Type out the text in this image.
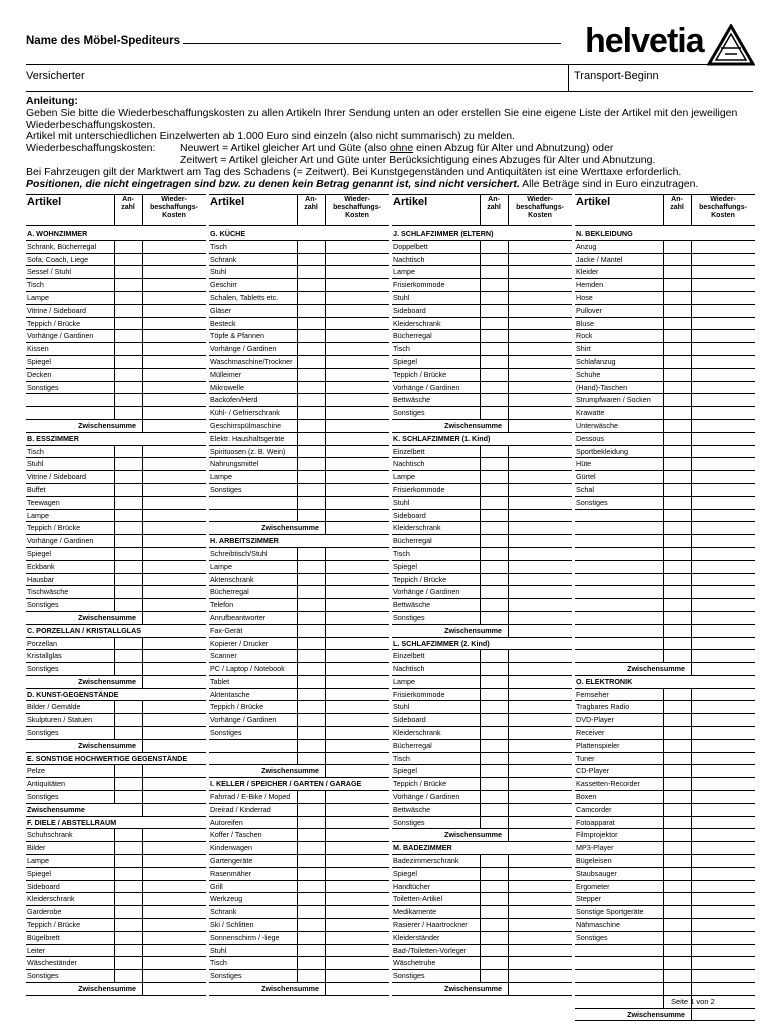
Name des Möbel-Spediteurs	helvetia
Versicherter	Transport-Beginn

Anleitung:

Geben Sie bitte die Wiederbeschaffungskosten zu allen Artikeln Ihrer Sendung unten an oder erstellen Sie eine eigene Liste der Artikel mit den jeweiligen Wiederbeschaffungskosten.

Artikel mit unterschiedlichen Einzelwerten ab 1.000 Euro sind einzeln (also nicht summarisch) zu melden.

Wiederbeschaffungskosten:	Neuwert = Artikel gleicher Art und Güte (also ohne einen Abzug für Alter und Abnutzung) oder
Zeitwert = Artikel gleicher Art und Güte unter Berücksichtigung eines Abzuges für Alter und Abnutzung.

Bei Fahrzeugen gilt der Marktwert am Tag des Schadens (= Zeitwert). Bei Kunstgegenständen und Antiquitäten ist eine Werttaxe erforderlich.

Positionen, die nicht eingetragen sind bzw. zu denen kein Betrag genannt ist, sind nicht versichert. Alle Beträge sind in Euro einzutragen.

Artikel	An-
zahl
Wieder-
beschaffungs-
Kosten
A. WOHNZIMMER
Schrank, Bücherregal
Sofa, Coach, Liege
Sessel / Stuhl
Tisch
Lampe
Vitrine / Sideboard
Teppich / Brücke
Vorhänge / Gardinen
Kissen
Spiegel
Decken
Sonstiges
Zwischensumme
B. ESSZIMMER
Tisch
Stuhl
Vitrine / Sideboard
Buffet
Teewagen
Lampe
Teppich / Brücke
Vorhänge / Gardinen
Spiegel
Eckbank
Hausbar
Tischwäsche
Sonstiges
Zwischensumme
C. PORZELLAN / KRISTALLGLAS
Porzellan
Kristallglas
Sonstiges
Zwischensumme
D. KUNST-GEGENSTÄNDE
Bilder / Gemälde
Skulpturen / Statuen
Sonstiges
Zwischensumme
E. SONSTIGE HOCHWERTIGE GEGENSTÄNDE
Pelze
Antiquitäten
Sonstiges
Zwischensumme
F. DIELE / ABSTELLRAUM
Schuhschrank
Bilder
Lampe
Spiegel
Sideboard
Kleiderschrank
Garderobe
Teppich / Brücke
Bügelbrett
Leiter
Wäscheständer
Sonstiges
Zwischensumme
Artikel	An-
zahl
Wieder-
beschaffungs-
Kosten
G. KÜCHE
Tisch
Schrank
Stuhl
Geschirr
Schalen, Tabletts etc.
Gläser
Besteck
Töpfe & Pfannen
Vorhänge / Gardinen
Waschmaschine/Trockner
Mülleimer
Mikrowelle
Backofen/Herd
Kühl- / Gefrierschrank
Geschirrspülmaschine
Elektr. Haushaltsgeräte
Spirituosen (z. B. Wein)
Nahrungsmittel
Lampe
Sonstiges
Zwischensumme
H. ARBEITSZIMMER
Schreibtisch/Stuhl
Lampe
Aktenschrank
Bücherregal
Telefon
Anrufbeantworter
Fax-Gerät
Kopierer / Drucker
Scanner
PC / Laptop / Notebook
Tablet
Aktentasche
Teppich / Brücke
Vorhänge / Gardinen
Sonstiges
Zwischensumme
I. KELLER / SPEICHER / GARTEN / GARAGE
Fahrrad / E-Bike / Moped
Dreirad / Kinderrad
Autoreifen
Koffer / Taschen
Kinderwagen
Gartengeräte
Rasenmäher
Grill
Werkzeug
Schrank
Ski / Schlitten
Sonnenschirm / -liege
Stuhl
Tisch
Sonstiges
Zwischensumme
Artikel	An-
zahl
Wieder-
beschaffungs-
Kosten
J. SCHLAFZIMMER (ELTERN)
Doppelbett
Nachtisch
Lampe
Frisierkommode
Stuhl
Sideboard
Kleiderschrank
Bücherregal
Tisch
Spiegel
Teppich / Brücke
Vorhänge / Gardinen
Bettwäsche
Sonstiges
Zwischensumme
K. SCHLAFZIMMER (1. Kind)
Einzelbett
Nachtisch
Lampe
Frisierkommode
Stuhl
Sideboard
Kleiderschrank
Bücherregal
Tisch
Spiegel
Teppich / Brücke
Vorhänge / Gardinen
Bettwäsche
Sonstiges
Zwischensumme
L. SCHLAFZIMMER (2. Kind)
Einzelbett
Nachtisch
Lampe
Frisierkommode
Stuhl
Sideboard
Kleiderschrank
Bücherregal
Tisch
Spiegel
Teppich / Brücke
Vorhänge / Gardinen
Bettwäsche
Sonstiges
Zwischensumme
M. BADEZIMMER
Badezimmerschrank
Spiegel
Handtücher
Toiletten-Artikel
Medikamente
Rasierer / Haartrockner
Kleiderständer
Bad-/Toiletten-Vorleger
Wäschetruhe
Sonstiges
Zwischensumme
Artikel	An-
zahl
Wieder-
beschaffungs-
Kosten
N. BEKLEIDUNG
Anzug
Jacke / Mantel
Kleider
Hemden
Hose
Pullover
Bluse
Rock
Shirt
Schlafanzug
Schuhe
(Hand)-Taschen
Strumpfwaren / Socken
Krawatte
Unterwäsche
Dessous
Sportbekleidung
Hüte
Gürtel
Schal
Sonstiges
Zwischensumme
O. ELEKTRONIK
Fernseher
Tragbares Radio
DVD-Player
Receiver
Plattenspieler
Tuner
CD-Player
Kassetten-Recorder
Boxen
Camcorder
Fotoapparat
Filmprojektor
MP3-Player
Bügeleisen
Staubsauger
Ergometer
Stepper
Sonstige Sportgeräte
Nähmaschine
Sonstiges
Zwischensumme
Seite 1 von 2
